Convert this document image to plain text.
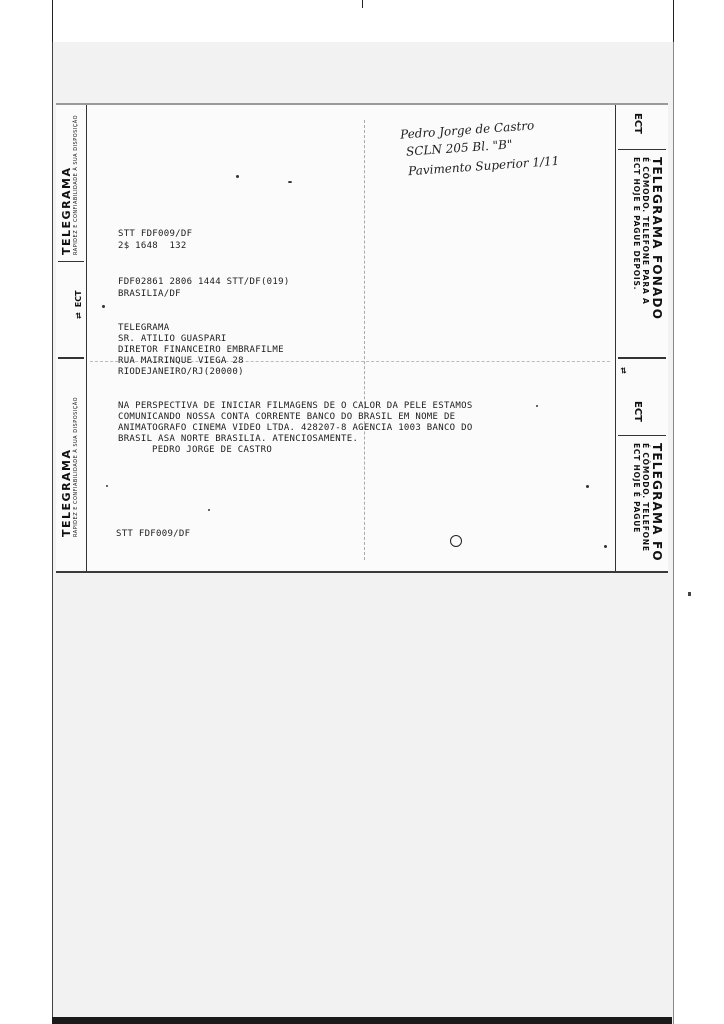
TELEGRAMA RAPIDEZ E CONFIABILIDADE À SUA DISPOSIÇÃO
⇄ ECT
TELEGRAMA RAPIDEZ E CONFIABILIDADE À SUA DISPOSIÇÃO
ECT
TELEGRAMA FONADO
É CÔMODO. TELEFONE PARA A
ECT HOJE E PAGUE DEPOIS.
⇄
ECT
TELEGRAMA FO
É CÔMODO. TELEFONE
ECT HOJE É PAGUE
Pedro Jorge de Castro
SCLN 205 Bl. "B"
Pavimento Superior 1/11
STT FDF009/DF
2$ 1648  132
FDF02861 2806 1444 STT/DF(019)
BRASILIA/DF
TELEGRAMA
SR. ATILIO GUASPARI
DIRETOR FINANCEIRO EMBRAFILME
RUA MAIRINQUE VIEGA 28
RIODEJANEIRO/RJ(20000)
NA PERSPECTIVA DE INICIAR FILMAGENS DE O CALOR DA PELE ESTAMOS
COMUNICANDO NOSSA CONTA CORRENTE BANCO DO BRASIL EM NOME DE
ANIMATOGRAFO CINEMA VIDEO LTDA. 428207-8 AGENCIA 1003 BANCO DO
BRASIL ASA NORTE BRASILIA. ATENCIOSAMENTE.
PEDRO JORGE DE CASTRO
STT FDF009/DF
